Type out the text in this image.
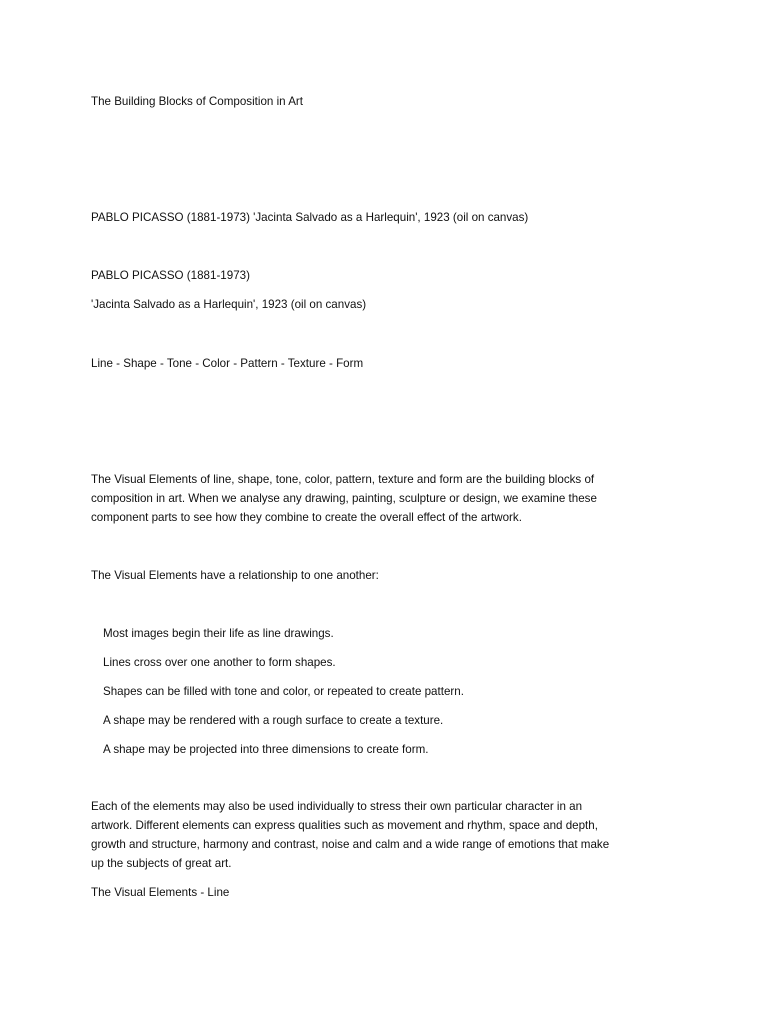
The Building Blocks of Composition in Art
PABLO PICASSO (1881-1973) 'Jacinta Salvado as a Harlequin', 1923 (oil on canvas)
PABLO PICASSO (1881-1973)
'Jacinta Salvado as a Harlequin', 1923 (oil on canvas)
Line - Shape - Tone - Color - Pattern - Texture - Form
The Visual Elements of line, shape, tone, color, pattern, texture and form are the building blocks of
composition in art. When we analyse any drawing, painting, sculpture or design, we examine these
component parts to see how they combine to create the overall effect of the artwork.
The Visual Elements have a relationship to one another:
Most images begin their life as line drawings.
Lines cross over one another to form shapes.
Shapes can be filled with tone and color, or repeated to create pattern.
A shape may be rendered with a rough surface to create a texture.
A shape may be projected into three dimensions to create form.
Each of the elements may also be used individually to stress their own particular character in an
artwork. Different elements can express qualities such as movement and rhythm, space and depth,
growth and structure, harmony and contrast, noise and calm and a wide range of emotions that make
up the subjects of great art.
The Visual Elements - Line
